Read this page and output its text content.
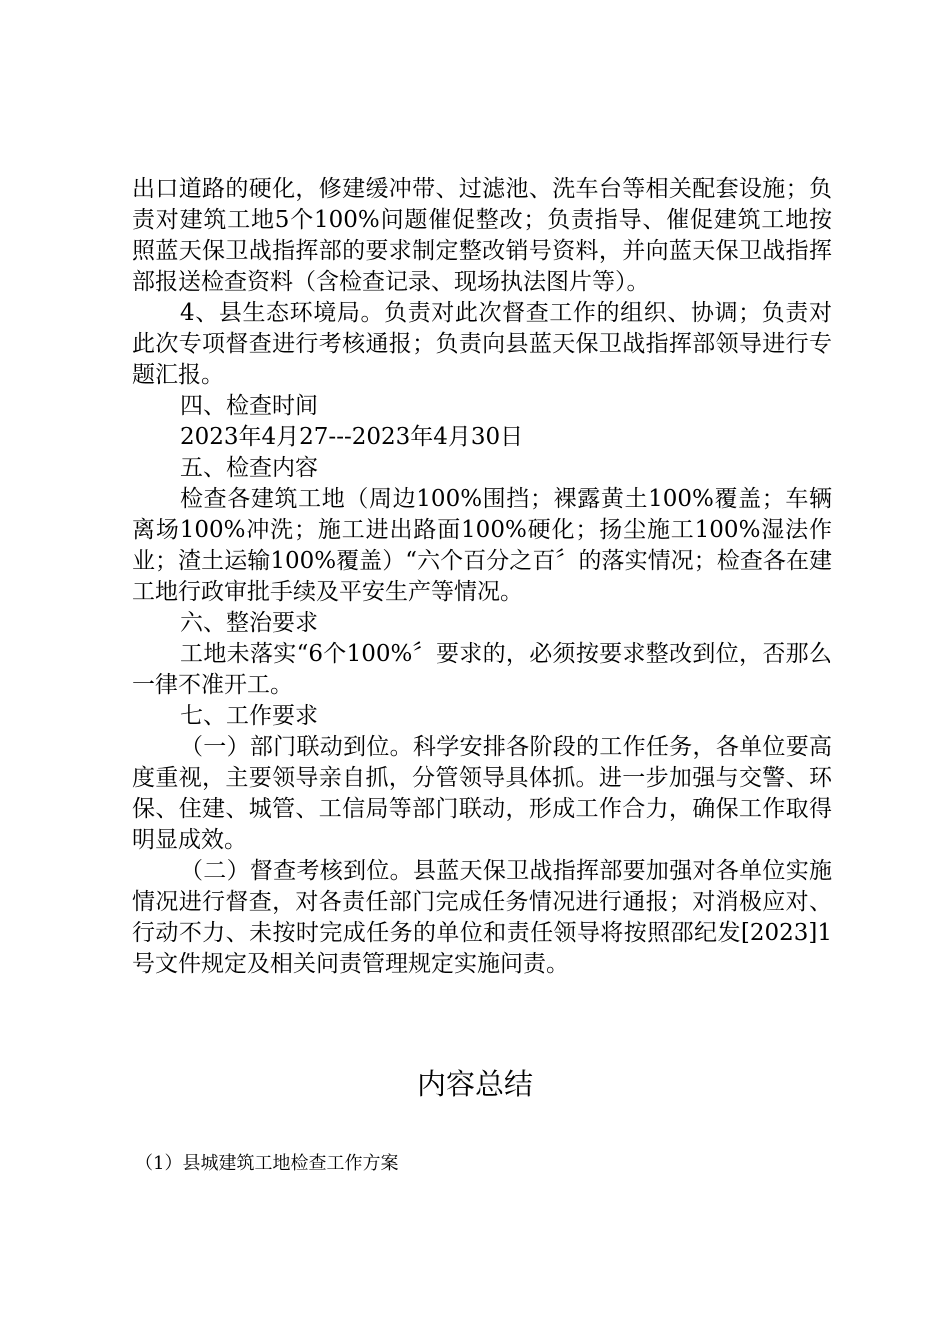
出口道路的硬化，修建缓冲带、过滤池、洗车台等相关配套设施；负责对建筑工地5个100%问题催促整改；负责指导、催促建筑工地按照蓝天保卫战指挥部的要求制定整改销号资料，并向蓝天保卫战指挥部报送检查资料（含检查记录、现场执法图片等）。

4、县生态环境局。负责对此次督查工作的组织、协调；负责对此次专项督查进行考核通报；负责向县蓝天保卫战指挥部领导进行专题汇报。

四、检查时间

2023年4月27---2023年4月30日

五、检查内容

检查各建筑工地（周边100%围挡；裸露黄土100%覆盖；车辆离场100%冲洗；施工进出路面100%硬化；扬尘施工100%湿法作业；渣土运输100%覆盖）“六个百分之百〞的落实情况；检查各在建工地行政审批手续及平安生产等情况。

六、整治要求

工地未落实“6个100%〞要求的，必须按要求整改到位，否那么一律不准开工。

七、工作要求

（一）部门联动到位。科学安排各阶段的工作任务，各单位要高度重视，主要领导亲自抓，分管领导具体抓。进一步加强与交警、环保、住建、城管、工信局等部门联动，形成工作合力，确保工作取得明显成效。

（二）督查考核到位。县蓝天保卫战指挥部要加强对各单位实施情况进行督查，对各责任部门完成任务情况进行通报；对消极应对、行动不力、未按时完成任务的单位和责任领导将按照邵纪发[2023]1号文件规定及相关问责管理规定实施问责。

内容总结

（1）县城建筑工地检查工作方案
